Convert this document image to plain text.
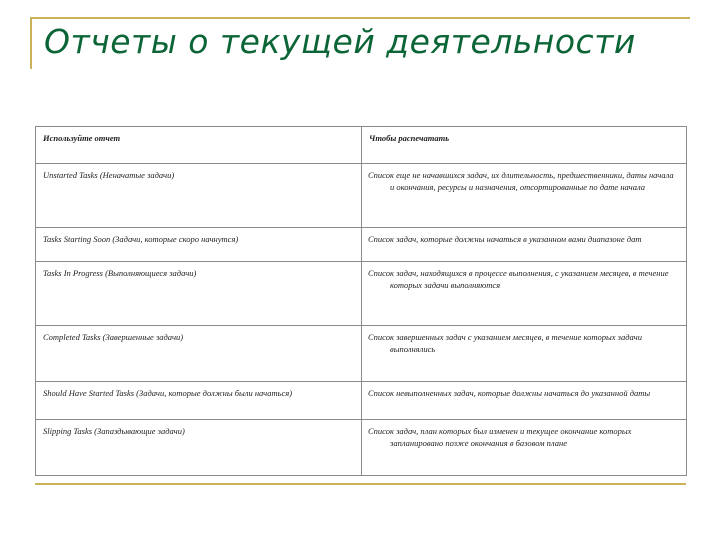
Отчеты о текущей деятельности
Используйте отчет	Чтобы распечатать
Unstarted Tasks (Неначатые задачи)	Список еще не начавшихся задач, их длительность, предшественники, даты начала и окончания, ресурсы и назначения, отсортированные по дате начала
Tasks Starting Soon (Задачи, которые скоро начнутся)	Список задач, которые должны начаться в указанном вами диапазоне дат
Tasks In Progress (Выполняющиеся задачи)	Список задач, находящихся в процессе выполнения, с указанием месяцев, в течение которых задачи выполняются
Completed Tasks (Завершенные задачи)	Список завершенных задач с указанием месяцев, в течение которых задачи выполнялись
Should Have Started Tasks (Задачи, которые должны были начаться)	Список невыполненных задач, которые должны начаться до указанной даты
Slipping Tasks (Запаздывающие задачи)	Список задач, план которых был изменен и текущее окончание которых запланировано позже окончания в базовом плане
